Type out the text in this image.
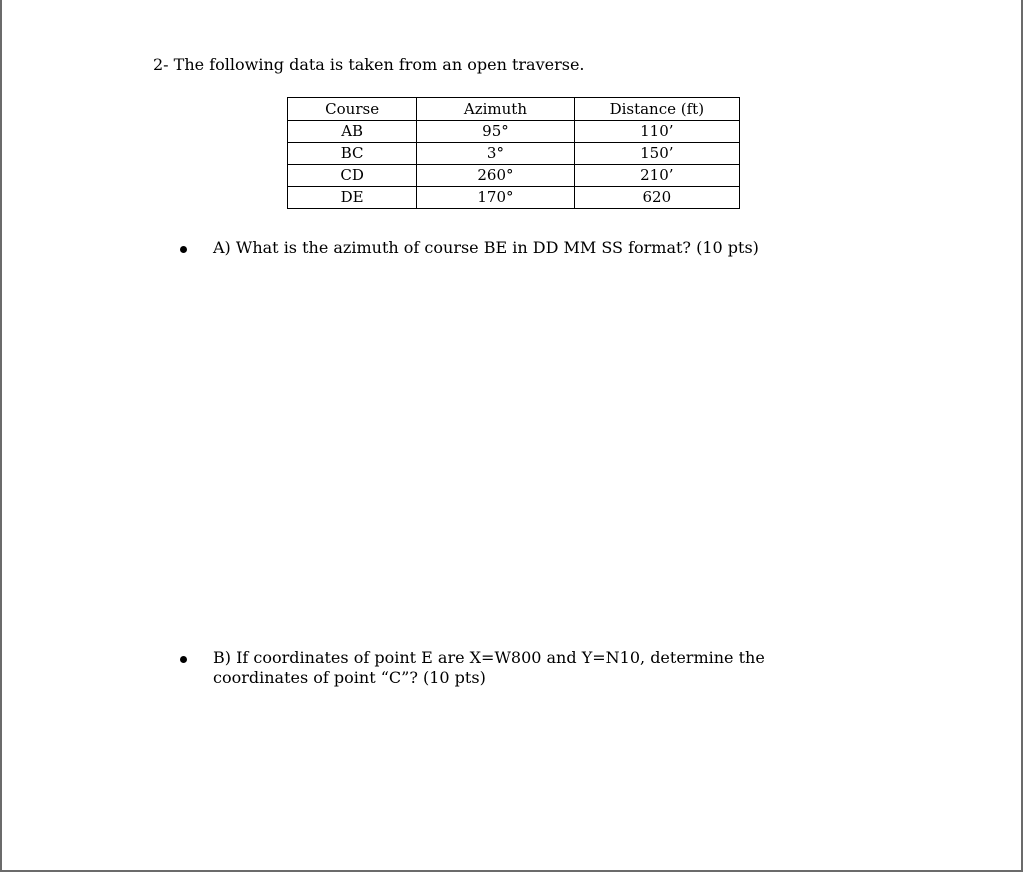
2- The following data is taken from an open traverse.
Course	Azimuth	Distance (ft)
AB	95°	110’
BC	3°	150’
CD	260°	210’
DE	170°	620
A) What is the azimuth of course BE in DD MM SS format? (10 pts)
B) If coordinates of point E are X=W800 and Y=N10, determine the coordinates of point “C”? (10 pts)
